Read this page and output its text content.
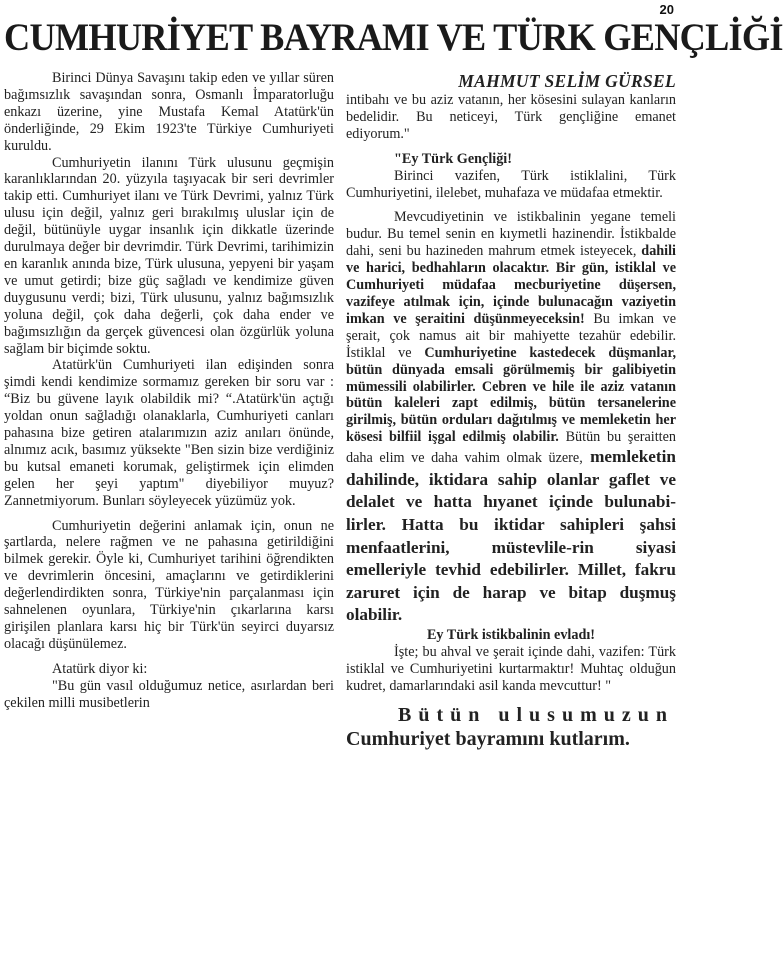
20
CUMHURİYET BAYRAMI VE TÜRK GENÇLİĞİ

Birinci Dünya Savaşını takip eden ve yıllar süren bağımsızlık savaşından sonra, Osmanlı İmparatorluğu enkazı üzerine, yine Mustafa Kemal Atatürk'ün önderliğinde, 29 Ekim 1923'te Türkiye Cumhuriyeti kuruldu.

Cumhuriyetin ilanını Türk ulusunu geçmişin karanlıklarından 20. yüzyıla taşıyacak bir seri devrimler takip etti. Cumhuriyet ilanı ve Türk Devrimi, yalnız Türk ulusu için değil, yalnız geri bırakılmış uluslar için de değil, bütünüyle uygar insanlık için dikkatle üzerinde durulmaya değer bir devrimdir. Türk Devrimi, tarihimizin en karanlık anında bize, Türk ulusuna, yepyeni bir yaşam ve umut getirdi; bize güç sağladı ve kendimize güven duygusunu verdi; bizi, Türk ulusunu, yalnız bağımsızlık yoluna değil, çok daha değerli, çok daha ender ve bağımsızlığın da gerçek güvencesi olan özgürlük yoluna sağlam bir biçimde soktu.

Atatürk'ün Cumhuriyeti ilan edişinden sonra şimdi kendi kendimize sormamız gereken bir soru var : “Biz bu güvene layık olabildik mi? “.Atatürk'ün açtığı yoldan onun sağladığı olanaklarla, Cumhuriyeti canları pahasına bize getiren atalarımızın aziz anıları önünde, alnımız acık, basımız yüksekte "Ben sizin bize verdiğiniz bu kutsal emaneti korumak, geliştirmek için elimden gelen her şeyi yaptım" diyebiliyor muyuz? Zannetmiyorum. Bunları söyleyecek yüzümüz yok.

Cumhuriyetin değerini anlamak için, onun ne şartlarda, nelere rağmen ve ne pahasına getirildiğini bilmek gerekir. Öyle ki, Cumhuriyet tarihini öğrendikten ve devrimlerin öncesini, amaçlarını ve getirdiklerini değerlendirdikten sonra, Türkiye'nin parçalanması için sahnelenen oyunlara, Türkiye'nin çıkarlarına karsı girişilen planlara karsı hiç bir Türk'ün seyirci duyarsız olacağı düşünülemez.

Atatürk diyor ki:

"Bu gün vasıl olduğumuz netice, asırlardan beri çekilen milli musibetlerin

MAHMUT SELİM GÜRSEL

intibahı ve bu aziz vatanın, her kösesini sulayan kanların bedelidir. Bu neticeyi, Türk gençliğine emanet ediyorum."

"Ey Türk Gençliği!

Birinci vazifen, Türk istiklalini, Türk Cumhuriyetini, ilelebet, muhafaza ve müdafaa etmektir.

Mevcudiyetinin ve istikbalinin yegane temeli budur. Bu temel senin en kıymetli hazinendir. İstikbalde dahi, seni bu hazineden mahrum etmek isteyecek, dahili ve harici, bedhahların olacaktır. Bir gün, istiklal ve Cumhuriyeti müdafaa mecburiyetine düşersen, vazifeye atılmak için, içinde bulunacağın vaziyetin imkan ve şeraitini düşünmeyeceksin! Bu imkan ve şerait, çok namus ait bir mahiyette tezahür edebilir. İstiklal ve Cumhuriyetine kastedecek düşmanlar, bütün dünyada emsali görülmemiş bir galibiyetin mümessili olabilirler. Cebren ve hile ile aziz vatanın bütün kaleleri zapt edilmiş, bütün tersanelerine girilmiş, bütün orduları dağıtılmış ve memleketin her kösesi bilfiil işgal edilmiş olabilir. Bütün bu şeraitten daha elim ve daha vahim olmak üzere, memleketin dahilinde, iktidara sahip olanlar gaflet ve delalet ve hatta hıyanet içinde bulunabi-lirler. Hatta bu iktidar sahipleri şahsi menfaatlerini, müstevlile-rin siyasi emelleriyle tevhid edebilirler. Millet, fakru zaruret için de harap ve bitap duşmuş olabilir.

Ey Türk istikbalinin evladı!

İşte; bu ahval ve şerait içinde dahi, vazifen: Türk istiklal ve Cumhuriyetini kurtarmaktır! Muhtaç olduğun kudret, damarlarındaki asil kanda mevcuttur! "

Bütün ulusumuzun
Cumhuriyet bayramını kutlarım.
